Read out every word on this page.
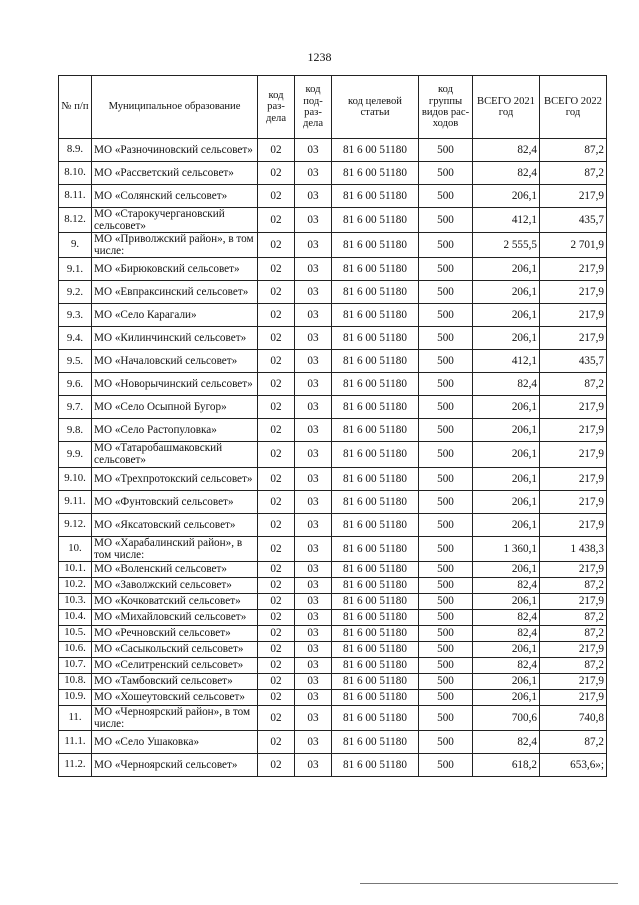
1238
№ п/п	Муниципальное образование	код раз-дела	код под-раз-дела	код целевой статьи	код группы видов рас-ходов	ВСЕГО 2021 год	ВСЕГО 2022 год
8.9.	МО «Разночиновский сельсовет»	02	03	81 6 00 51180	500	82,4	87,2
8.10.	МО «Рассветский сельсовет»	02	03	81 6 00 51180	500	82,4	87,2
8.11.	МО «Солянский сельсовет»	02	03	81 6 00 51180	500	206,1	217,9
8.12.	МО «Старокучергановский сельсовет»	02	03	81 6 00 51180	500	412,1	435,7
9.	МО «Приволжский район», в том числе:	02	03	81 6 00 51180	500	2 555,5	2 701,9
9.1.	МО «Бирюковский сельсовет»	02	03	81 6 00 51180	500	206,1	217,9
9.2.	МО «Евпраксинский сельсовет»	02	03	81 6 00 51180	500	206,1	217,9
9.3.	МО «Село Карагали»	02	03	81 6 00 51180	500	206,1	217,9
9.4.	МО «Килинчинский сельсовет»	02	03	81 6 00 51180	500	206,1	217,9
9.5.	МО «Началовский сельсовет»	02	03	81 6 00 51180	500	412,1	435,7
9.6.	МО «Новорычинский сельсовет»	02	03	81 6 00 51180	500	82,4	87,2
9.7.	МО «Село Осыпной Бугор»	02	03	81 6 00 51180	500	206,1	217,9
9.8.	МО «Село Растопуловка»	02	03	81 6 00 51180	500	206,1	217,9
9.9.	МО «Татаробашмаковский сельсовет»	02	03	81 6 00 51180	500	206,1	217,9
9.10.	МО «Трехпротокский сельсовет»	02	03	81 6 00 51180	500	206,1	217,9
9.11.	МО «Фунтовский сельсовет»	02	03	81 6 00 51180	500	206,1	217,9
9.12.	МО «Яксатовский сельсовет»	02	03	81 6 00 51180	500	206,1	217,9
10.	МО «Харабалинский район», в том числе:	02	03	81 6 00 51180	500	1 360,1	1 438,3
10.1.	МО «Воленский сельсовет»	02	03	81 6 00 51180	500	206,1	217,9
10.2.	МО «Заволжский сельсовет»	02	03	81 6 00 51180	500	82,4	87,2
10.3.	МО «Кочковатский сельсовет»	02	03	81 6 00 51180	500	206,1	217,9
10.4.	МО «Михайловский сельсовет»	02	03	81 6 00 51180	500	82,4	87,2
10.5.	МО «Речновский сельсовет»	02	03	81 6 00 51180	500	82,4	87,2
10.6.	МО «Сасыкольский сельсовет»	02	03	81 6 00 51180	500	206,1	217,9
10.7.	МО «Селитренский сельсовет»	02	03	81 6 00 51180	500	82,4	87,2
10.8.	МО «Тамбовский сельсовет»	02	03	81 6 00 51180	500	206,1	217,9
10.9.	МО «Хошеутовский сельсовет»	02	03	81 6 00 51180	500	206,1	217,9
11.	МО «Черноярский район», в том числе:	02	03	81 6 00 51180	500	700,6	740,8
11.1.	МО «Село Ушаковка»	02	03	81 6 00 51180	500	82,4	87,2
11.2.	МО «Черноярский сельсовет»	02	03	81 6 00 51180	500	618,2	653,6»;
